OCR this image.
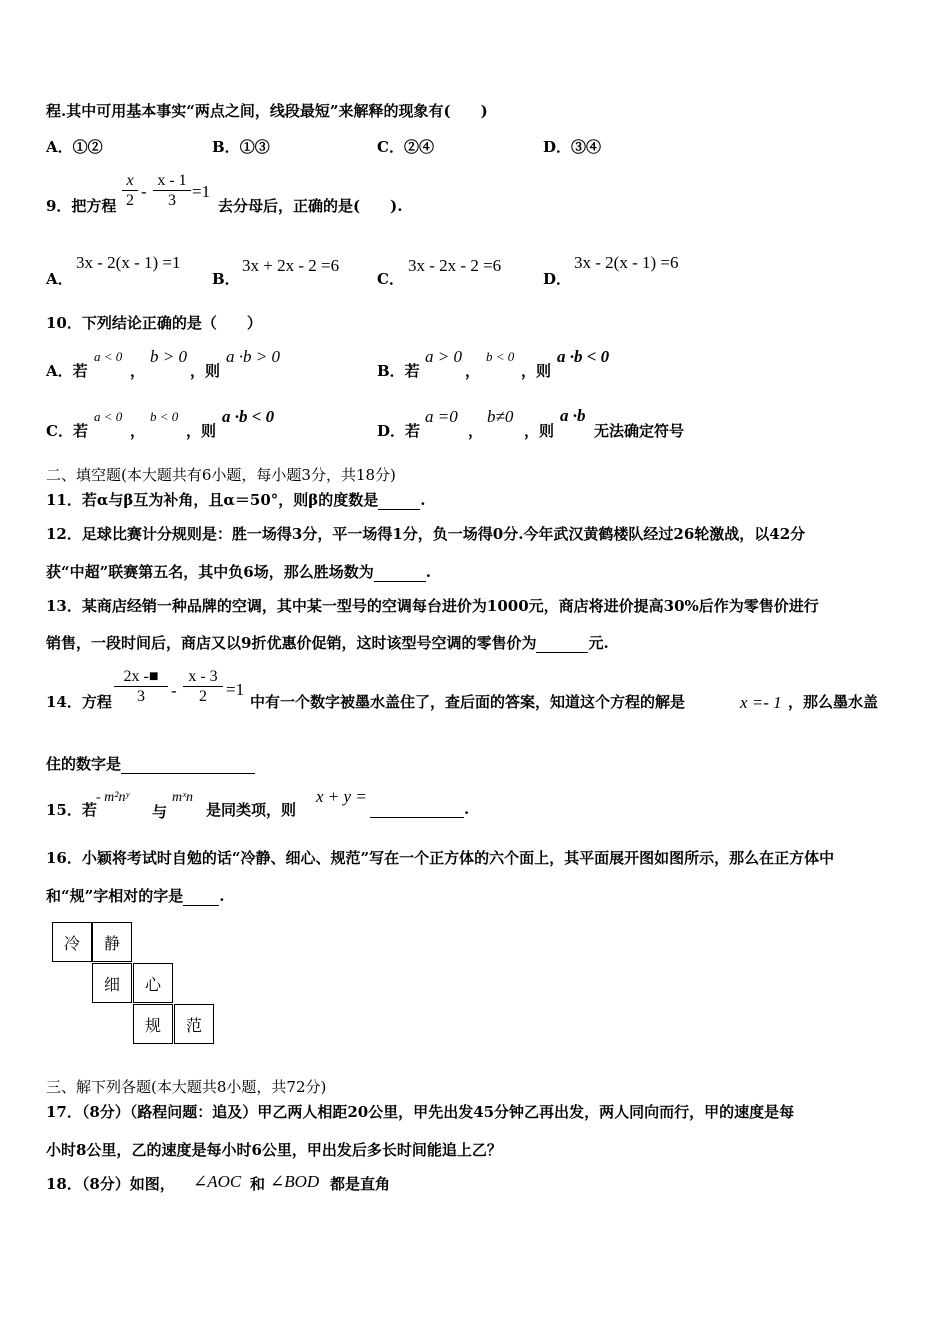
程.其中可用基本事实“两点之间，线段最短”来解释的现象有(　　)
A．①②	B．①③	C．②④	D．③④
9．把方程 $\frac{x}{2} - \frac{x - 1}{3} =1$
去分母后，正确的是(　　).
A．
3x - 2(x - 1) =1
B．
3x + 2x - 2 =6
C．
3x - 2x - 2 =6
D．
3x - 2(x - 1) =6
10．下列结论正确的是（　　）
A．若
a < 0
，
b > 0
，则
a ·b > 0
B．若
a > 0
，
b < 0
，则
a ·b < 0
C．若
a < 0
，
b < 0
，则
a ·b < 0
D．若
a =0
，
b≠0
，则
a ·b
无法确定符号
二、填空题(本大题共有6小题，每小题3分，共18分)
11．若α与β互为补角，且α＝50°，则β的度数是	.
12．足球比赛计分规则是：胜一场得3分，平一场得1分，负一场得0分.今年武汉黄鹤楼队经过26轮激战，以42分
获“中超”联赛第五名，其中负6场，那么胜场数为	.
13．某商店经销一种品牌的空调，其中某一型号的空调每台进价为1000元，商店将进价提高30%后作为零售价进行
销售，一段时间后，商店又以9折优惠价促销，这时该型号空调的零售价为	元.
14．方程 $\frac{2x -■}{3} - \frac{x - 3}{2} =1$
中有一个数字被墨水盖住了，查后面的答案，知道这个方程的解是	x =- 1 ，那么墨水盖
住的数字是
15．若
- m²nʸ
与
mˣn
是同类项，则
x + y =
.
16．小颖将考试时自勉的话“冷静、细心、规范”写在一个正方体的六个面上，其平面展开图如图所示，那么在正方体中
和“规”字相对的字是 .
冷	静
细	心
规	范
三、解下列各题(本大题共8小题，共72分)
17．（8分）（路程问题：追及）甲乙两人相距20公里，甲先出发45分钟乙再出发，两人同向而行，甲的速度是每
小时8公里，乙的速度是每小时6公里，甲出发后多长时间能追上乙？
18．（8分）如图， ∠AOC 和 ∠BOD 都是直角
